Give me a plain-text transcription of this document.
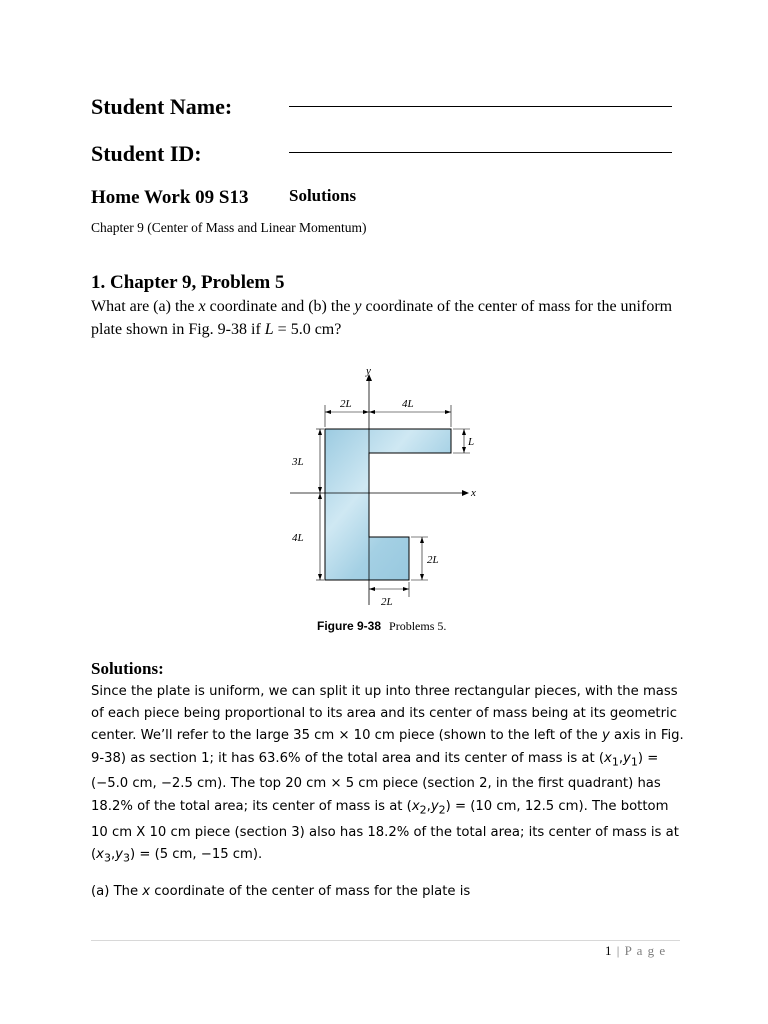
Student Name:
Student ID:
Home Work 09 S13 Solutions
Chapter 9 (Center of Mass and Linear Momentum)
1. Chapter 9, Problem 5
What are (a) the x coordinate and (b) the y coordinate of the center of mass for the uniform plate shown in Fig. 9-38 if L = 5.0 cm?
x
y
2L	4L
L
3L
4L
2L
2L
Figure 9-38 Problems 5.
Solutions:
Since the plate is uniform, we can split it up into three rectangular pieces, with the mass of each piece being proportional to its area and its center of mass being at its geometric center. We’ll refer to the large 35 cm × 10 cm piece (shown to the left of the y axis in Fig. 9-38) as section 1; it has 63.6% of the total area and its center of mass is at $(x_1,y_1) = (-5.0$ cm, −2.5 cm). The top 20 cm × 5 cm piece (section 2, in the first quadrant) has 18.2% of the total area; its center of mass is at $(x_2,y_2) = (10$ cm, 12.5 cm). The bottom 10 cm X 10 cm piece (section 3) also has 18.2% of the total area; its center of mass is at $(x_3,y_3) = (5$ cm, −15 cm).
(a) The x coordinate of the center of mass for the plate is
1 | P a g e
